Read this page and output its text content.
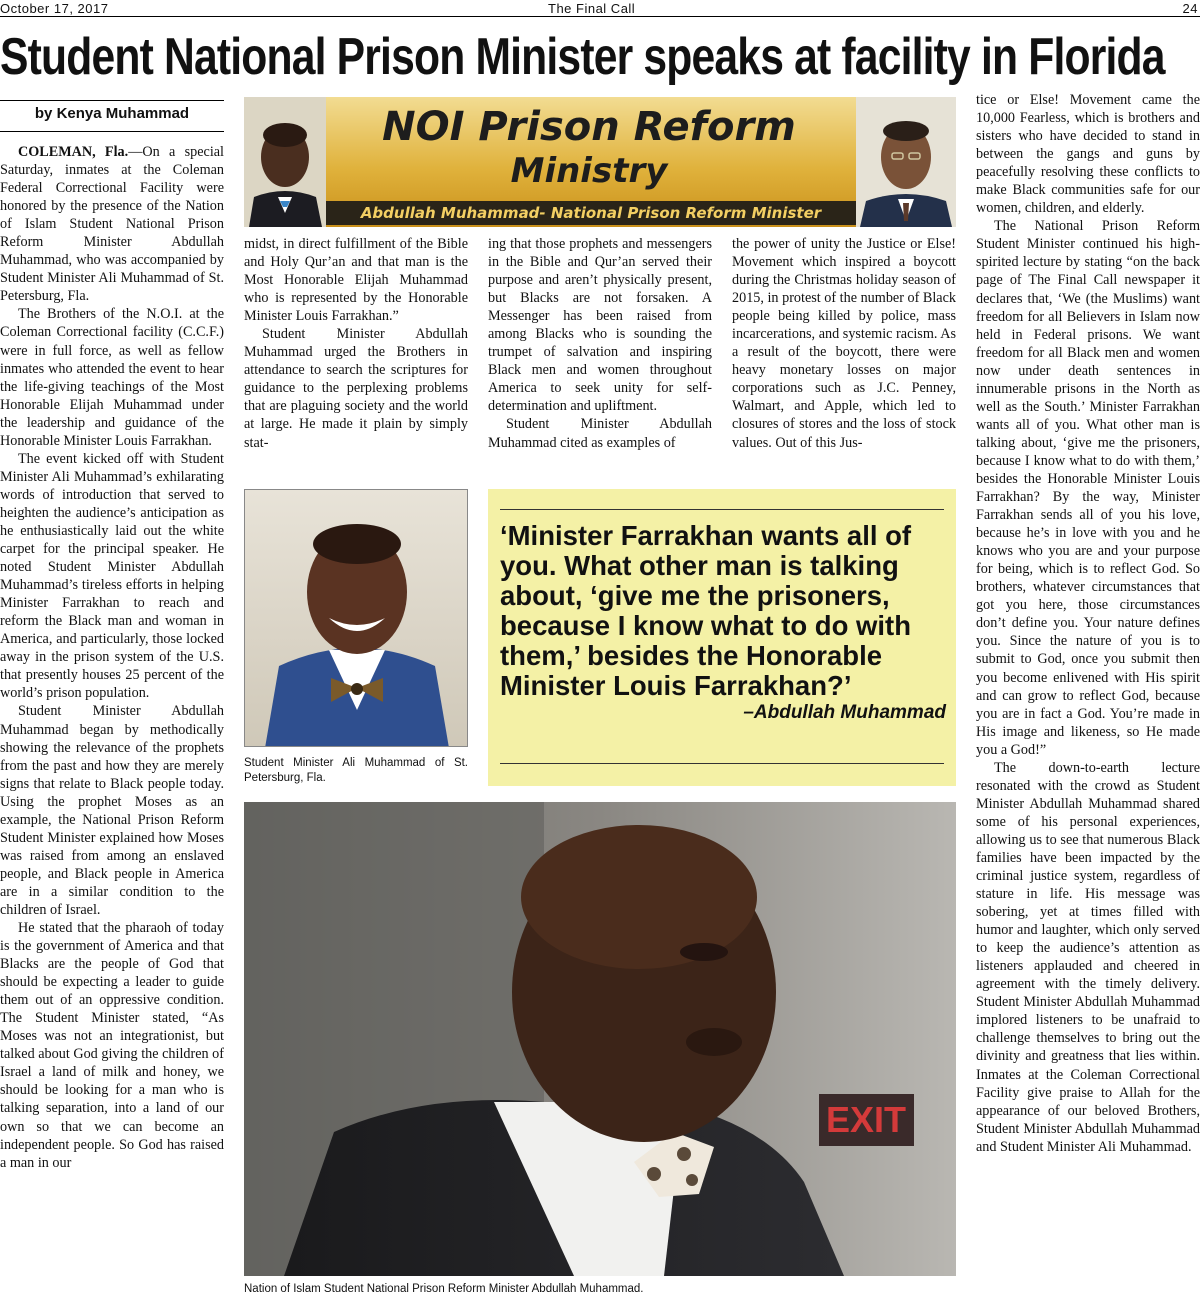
October 17, 2017	The Final Call	24
Student National Prison Minister speaks at facility in Florida
by Kenya Muhammad

COLEMAN, Fla.—On a special Saturday, inmates at the Coleman Federal Correctional Facility were honored by the presence of the Nation of Islam Student National Prison Reform Minister Abdullah Muhammad, who was accompanied by Student Minister Ali Muhammad of St. Petersburg, Fla.

The Brothers of the N.O.I. at the Coleman Correctional facility (C.C.F.) were in full force, as well as fellow inmates who attended the event to hear the life-giving teachings of the Most Honorable Elijah Muhammad under the leadership and guidance of the Honorable Minister Louis Farrakhan.

The event kicked off with Student Minister Ali Muhammad’s exhilarating words of introduction that served to heighten the audience’s anticipation as he enthusiastically laid out the white carpet for the principal speaker. He noted Student Minister Abdullah Muhammad’s tireless efforts in helping Minister Farrakhan to reach and reform the Black man and woman in America, and particularly, those locked away in the prison system of the U.S. that presently houses 25 percent of the world’s prison population.

Student Minister Abdullah Muhammad began by methodically showing the relevance of the prophets from the past and how they are merely signs that relate to Black people today. Using the prophet Moses as an example, the National Prison Reform Student Minister explained how Moses was raised from among an enslaved people, and Black people in America are in a similar condition to the children of Israel.

He stated that the pharaoh of today is the government of America and that Blacks are the people of God that should be expecting a leader to guide them out of an oppressive condition. The Student Minister stated, “As Moses was not an integrationist, but talked about God giving the children of Israel a land of milk and honey, we should be looking for a man who is talking separation, into a land of our own so that we can become an independent people. So God has raised a man in our

NOI Prison Reform
Ministry
Abdullah Muhammad- National Prison Reform Minister

midst, in direct fulfillment of the Bible and Holy Qur’an and that man is the Most Honorable Elijah Muhammad who is represented by the Honorable Minister Louis Farrakhan.”

Student Minister Abdullah Muhammad urged the Brothers in attendance to search the scriptures for guidance to the perplexing problems that are plaguing society and the world at large. He made it plain by simply stat-

ing that those prophets and messengers in the Bible and Qur’an served their purpose and aren’t physically present, but Blacks are not forsaken. A Messenger has been raised from among Blacks who is sounding the trumpet of salvation and inspiring Black men and women throughout America to seek unity for self-determination and upliftment.

Student Minister Abdullah Muhammad cited as examples of

the power of unity the Justice or Else! Movement which inspired a boycott during the Christmas holiday season of 2015, in protest of the number of Black people being killed by police, mass incarcerations, and systemic racism. As a result of the boycott, there were heavy monetary losses on major corporations such as J.C. Penney, Walmart, and Apple, which led to closures of stores and the loss of stock values. Out of this Jus-

tice or Else! Movement came the 10,000 Fearless, which is brothers and sisters who have decided to stand in between the gangs and guns by peacefully resolving these conflicts to make Black communities safe for our women, children, and elderly.

The National Prison Reform Student Minister continued his high-spirited lecture by stating “on the back page of The Final Call newspaper it declares that, ‘We (the Muslims) want freedom for all Believers in Islam now held in Federal prisons. We want freedom for all Black men and women now under death sentences in innumerable prisons in the North as well as the South.’ Minister Farrakhan wants all of you. What other man is talking about, ‘give me the prisoners, because I know what to do with them,’ besides the Honorable Minister Louis Farrakhan? By the way, Minister Farrakhan sends all of you his love, because he’s in love with you and he knows who you are and your purpose for being, which is to reflect God. So brothers, whatever circumstances that got you here, those circumstances don’t define you. Your nature defines you. Since the nature of you is to submit to God, once you submit then you become enlivened with His spirit and can grow to reflect God, because you are in fact a God. You’re made in His image and likeness, so He made you a God!”

The down-to-earth lecture resonated with the crowd as Student Minister Abdullah Muhammad shared some of his personal experiences, allowing us to see that numerous Black families have been impacted by the criminal justice system, regardless of stature in life. His message was sobering, yet at times filled with humor and laughter, which only served to keep the audience’s attention as listeners applauded and cheered in agreement with the timely delivery. Student Minister Abdullah Muhammad implored listeners to be unafraid to challenge themselves to bring out the divinity and greatness that lies within. Inmates at the Coleman Correctional Facility give praise to Allah for the appearance of our beloved Brothers, Student Minister Abdullah Muhammad and Student Minister Ali Muhammad.

Student Minister Ali Muhammad of St. Petersburg, Fla.
‘Minister Farrakhan wants all of you. What other man is talking about, ‘give me the prisoners, because I know what to do with them,’ besides the Honorable Minister Louis Farrakhan?’
–Abdullah Muhammad
EXIT
Nation of Islam Student National Prison Reform Minister Abdullah Muhammad.
